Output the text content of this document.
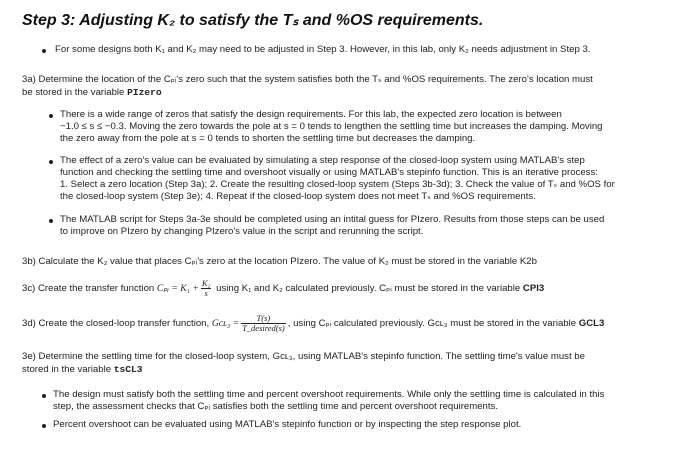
Step 3: Adjusting K₂ to satisfy the Tₛ and %OS requirements.
For some designs both K₁ and K₂ may need to be adjusted in Step 3. However, in this lab, only K₂ needs adjustment in Step 3.
3a) Determine the location of the Cₚᵢ's zero such that the system satisfies both the Tₛ and %OS requirements. The zero's location must
be stored in the variable PIzero
There is a wide range of zeros that satisfy the design requirements. For this lab, the expected zero location is between
−1.0 ≤ s ≤ −0.3. Moving the zero towards the pole at s = 0 tends to lengthen the settling time but increases the damping. Moving
the zero away from the pole at s = 0 tends to shorten the settling time but decreases the damping.
The effect of a zero's value can be evaluated by simulating a step response of the closed-loop system using MATLAB's step
function and checking the settling time and overshoot visually or using MATLAB's stepinfo function. This is an iterative process:
1. Select a zero location (Step 3a); 2. Create the resulting closed-loop system (Steps 3b-3d); 3. Check the value of Tₛ and %OS for
the closed-loop system (Step 3e); 4. Repeat if the closed-loop system does not meet Tₛ and %OS requirements.
The MATLAB script for Steps 3a-3e should be completed using an intital guess for PIzero. Results from those steps can be used
to improve on PIzero by changing PIzero's value in the script and rerunning the script.
3b) Calculate the K₂ value that places Cₚᵢ's zero at the location PIzero. The value of K₂ must be stored in the variable K2b
3c) Create the transfer function Cₚᵢ = $K_1 + \frac{\text{K₂}}{s}$ using K₁ and K₂ calculated previously. Cₚᵢ must be stored in the variable CPI3
3d) Create the closed-loop transfer function, Gᴄʟ₃ = $\frac{T(s)}{\text{T\_desired(s)}}$ , using Cₚᵢ calculated previously. Gᴄʟ₃ must be stored in the variable GCL3
3e) Determine the settling time for the closed-loop system, Gᴄʟ₃, using MATLAB's stepinfo function. The settling time's value must be
stored in the variable tsCL3
The design must satisfy both the settling time and percent overshoot requirements. While only the settling time is calculated in this
step, the assessment checks that Cₚᵢ satisfies both the settling time and percent overshoot requirements.
Percent overshoot can be evaluated using MATLAB's stepinfo function or by inspecting the step response plot.
